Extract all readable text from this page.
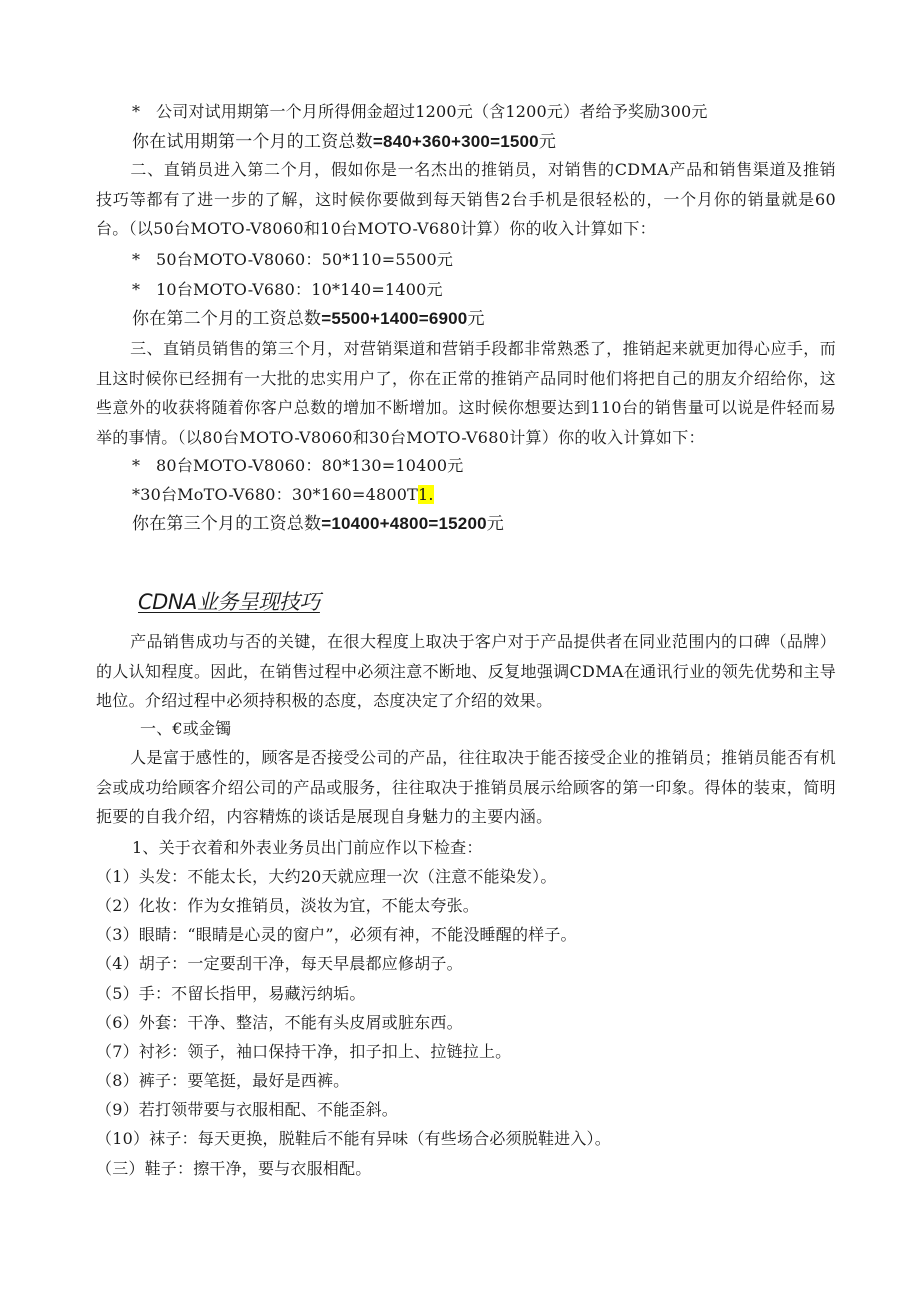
*   公司对试用期第一个月所得佣金超过1200元（含1200元）者给予奖励300元
你在试用期第一个月的工资总数=840+360+300=1500元
二、直销员进入第二个月，假如你是一名杰出的推销员，对销售的CDMA产品和销售渠道及推销技巧等都有了进一步的了解，这时候你要做到每天销售2台手机是很轻松的，一个月你的销量就是60台。（以50台MOTO-V8060和10台MOTO-V680计算）你的收入计算如下：
*   50台MOTO-V8060：50*110=5500元
*   10台MOTO-V680：10*140=1400元
你在第二个月的工资总数=5500+1400=6900元
三、直销员销售的第三个月，对营销渠道和营销手段都非常熟悉了，推销起来就更加得心应手，而且这时候你已经拥有一大批的忠实用户了，你在正常的推销产品同时他们将把自己的朋友介绍给你，这些意外的收获将随着你客户总数的增加不断增加。这时候你想要达到110台的销售量可以说是件轻而易举的事情。（以80台MOTO-V8060和30台MOTO-V680计算）你的收入计算如下：
*   80台MOTO-V8060：80*130=10400元
*30台MoTO-V680：30*160=4800T1.
你在第三个月的工资总数=10400+4800=15200元
CDNA业务呈现技巧
产品销售成功与否的关键，在很大程度上取决于客户对于产品提供者在同业范围内的口碑（品牌）的人认知程度。因此，在销售过程中必须注意不断地、反复地强调CDMA在通讯行业的领先优势和主导地位。介绍过程中必须持积极的态度，态度决定了介绍的效果。
一、€或金镯
人是富于感性的，顾客是否接受公司的产品，往往取决于能否接受企业的推销员；推销员能否有机会或成功给顾客介绍公司的产品或服务，往往取决于推销员展示给顾客的第一印象。得体的装束，简明扼要的自我介绍，内容精炼的谈话是展现自身魅力的主要内涵。
1、关于衣着和外表业务员出门前应作以下检查：
（1）头发：不能太长，大约20天就应理一次（注意不能染发）。
（2）化妆：作为女推销员，淡妆为宜，不能太夸张。
（3）眼睛：“眼睛是心灵的窗户”，必须有神，不能没睡醒的样子。
（4）胡子：一定要刮干净，每天早晨都应修胡子。
（5）手：不留长指甲，易藏污纳垢。
（6）外套：干净、整洁，不能有头皮屑或脏东西。
（7）衬衫：领子，袖口保持干净，扣子扣上、拉链拉上。
（8）裤子：要笔挺，最好是西裤。
（9）若打领带要与衣服相配、不能歪斜。
（10）袜子：每天更换，脱鞋后不能有异味（有些场合必须脱鞋进入）。
（三）鞋子：擦干净，要与衣服相配。
